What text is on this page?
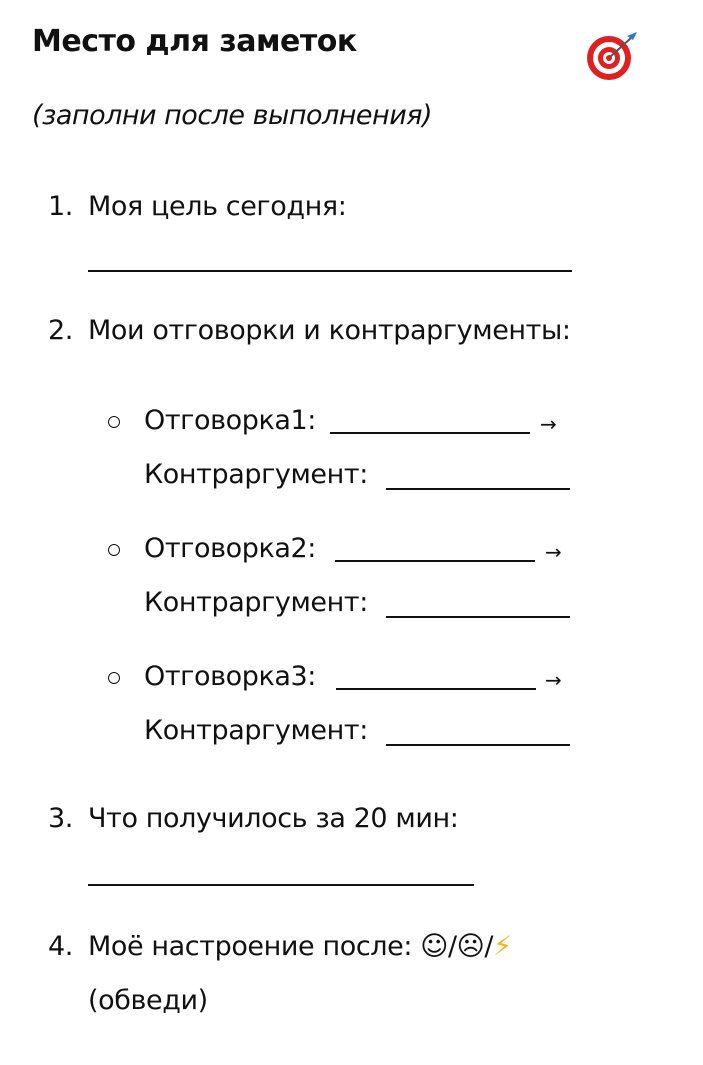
Место для заметок
(заполни после выполнения)
1. Моя цель сегодня:
2. Мои отговорки и контраргументы:
Отговорка1:	→
Контраргумент:
Отговорка2:	→
Контраргумент:
Отговорка3:	→
Контраргумент:
3. Что получилось за 20 мин:
4. Моё настроение после: ☺/☹/⚡
(обведи)
